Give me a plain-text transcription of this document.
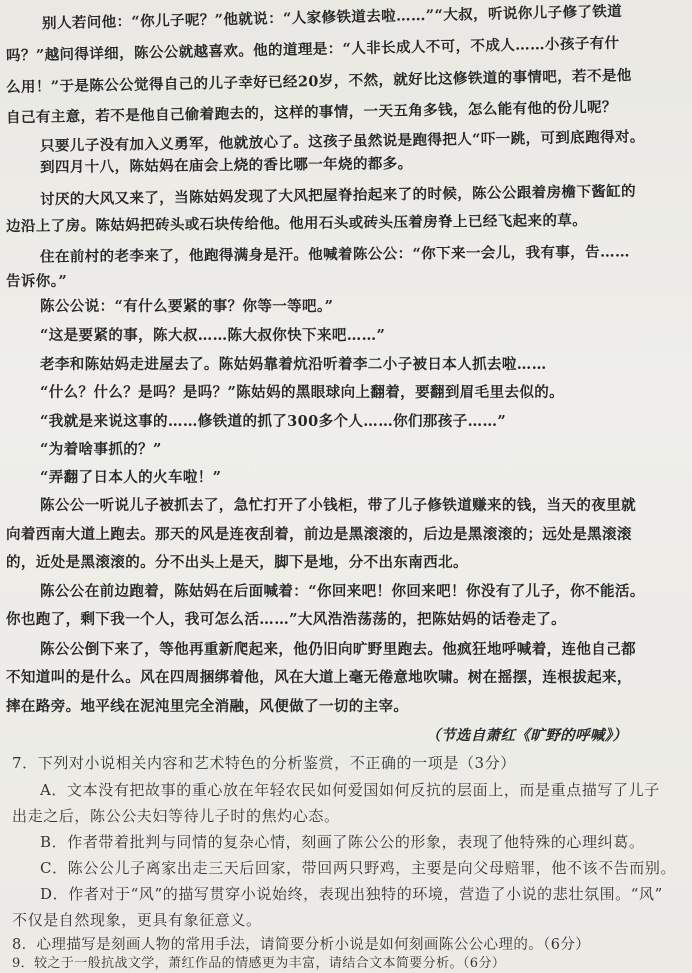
别人若问他：“你儿子呢？”他就说：“人家修铁道去啦……”“大叔，听说你儿子修了铁道
吗？”越问得详细，陈公公就越喜欢。他的道理是：“人非长成人不可，不成人……小孩子有什
么用！”于是陈公公觉得自己的儿子幸好已经20岁，不然，就好比这修铁道的事情吧，若不是他
自己有主意，若不是他自己偷着跑去的，这样的事情，一天五角多钱，怎么能有他的份儿呢？
只要儿子没有加入义勇军，他就放心了。这孩子虽然说是跑得把人“吓一跳，可到底跑得对。
到四月十八，陈姑妈在庙会上烧的香比哪一年烧的都多。
讨厌的大风又来了，当陈姑妈发现了大风把屋脊抬起来了的时候，陈公公跟着房檐下酱缸的
边沿上了房。陈姑妈把砖头或石块传给他。他用石头或砖头压着房脊上已经飞起来的草。
住在前村的老李来了，他跑得满身是汗。他喊着陈公公：“你下来一会儿，我有事，告……
告诉你。”
陈公公说：“有什么要紧的事？你等一等吧。”
“这是要紧的事，陈大叔……陈大叔你快下来吧……”
老李和陈姑妈走进屋去了。陈姑妈靠着炕沿听着李二小子被日本人抓去啦……
“什么？什么？是吗？是吗？”陈姑妈的黑眼球向上翻着，要翻到眉毛里去似的。
“我就是来说这事的……修铁道的抓了300多个人……你们那孩子……”
“为着啥事抓的？”
“弄翻了日本人的火车啦！”
陈公公一听说儿子被抓去了，急忙打开了小钱柜，带了儿子修铁道赚来的钱，当天的夜里就
向着西南大道上跑去。那天的风是连夜刮着，前边是黑滚滚的，后边是黑滚滚的；远处是黑滚滚
的，近处是黑滚滚的。分不出头上是天，脚下是地，分不出东南西北。
陈公公在前边跑着，陈姑妈在后面喊着：“你回来吧！你回来吧！你没有了儿子，你不能活。
你也跑了，剩下我一个人，我可怎么活……”大风浩浩荡荡的，把陈姑妈的话卷走了。
陈公公倒下来了，等他再重新爬起来，他仍旧向旷野里跑去。他疯狂地呼喊着，连他自己都
不知道叫的是什么。风在四周捆绑着他，风在大道上毫无倦意地吹啸。树在摇摆，连根拔起来，
摔在路旁。地平线在泥沌里完全消融，风便做了一切的主宰。
（节选自萧红《旷野的呼喊》）
7．下列对小说相关内容和艺术特色的分析鉴赏，不正确的一项是（3分）
A．文本没有把故事的重心放在年轻农民如何爱国如何反抗的层面上，而是重点描写了儿子
出走之后，陈公公夫妇等待儿子时的焦灼心态。
B．作者带着批判与同情的复杂心情，刻画了陈公公的形象，表现了他特殊的心理纠葛。
C．陈公公儿子离家出走三天后回家，带回两只野鸡，主要是向父母赔罪，他不该不告而别。
D．作者对于“风”的描写贯穿小说始终，表现出独特的环境，营造了小说的悲壮氛围。“风”
不仅是自然现象，更具有象征意义。
8．心理描写是刻画人物的常用手法，请简要分析小说是如何刻画陈公公心理的。（6分）
9．较之于一般抗战文学，萧红作品的情感更为丰富，请结合文本简要分析。（6分）
